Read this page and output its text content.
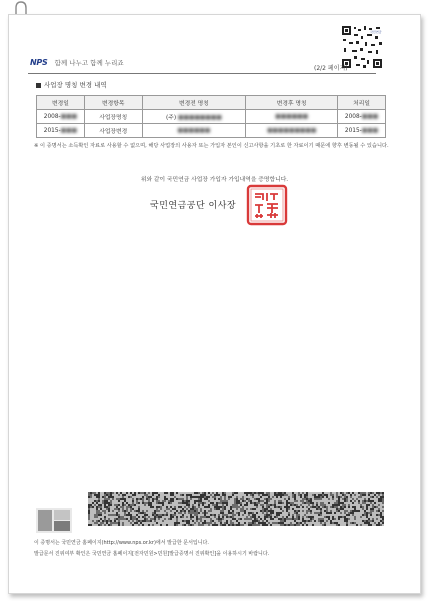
국민연금
NPS 함께 나누고 함께 누리죠
(2/2 페이지)
사업장 명칭 변경 내역
변경일	변경항목	변경전 명칭	변경후 명칭	처리일
2008-■■■	사업장명칭	(주) ■■■■■■■■	■■■■■■	2008-■■■
2015-■■■	사업장변경	■■■■■■	■■■■■■■■■	2015-■■■
※ 이 증명서는 소득확인 자료로 사용할 수 없으며, 해당 사업장의 사용자 또는 가입자 본인이 신고사항을 기초로 한 자료이기 때문에 향후 변동될 수 있습니다.
위와 같이 국민연금 사업장 가입자 가입내역을 증명합니다.
국민연금공단 이사장
이 증명서는 국민연금 홈페이지(http://www.nps.or.kr)에서 발급한 문서입니다.
발급문서 진위여부 확인은 국민연금 홈페이지[전자민원>민원]발급증명서 진위확인]을 이용하시기 바랍니다.
